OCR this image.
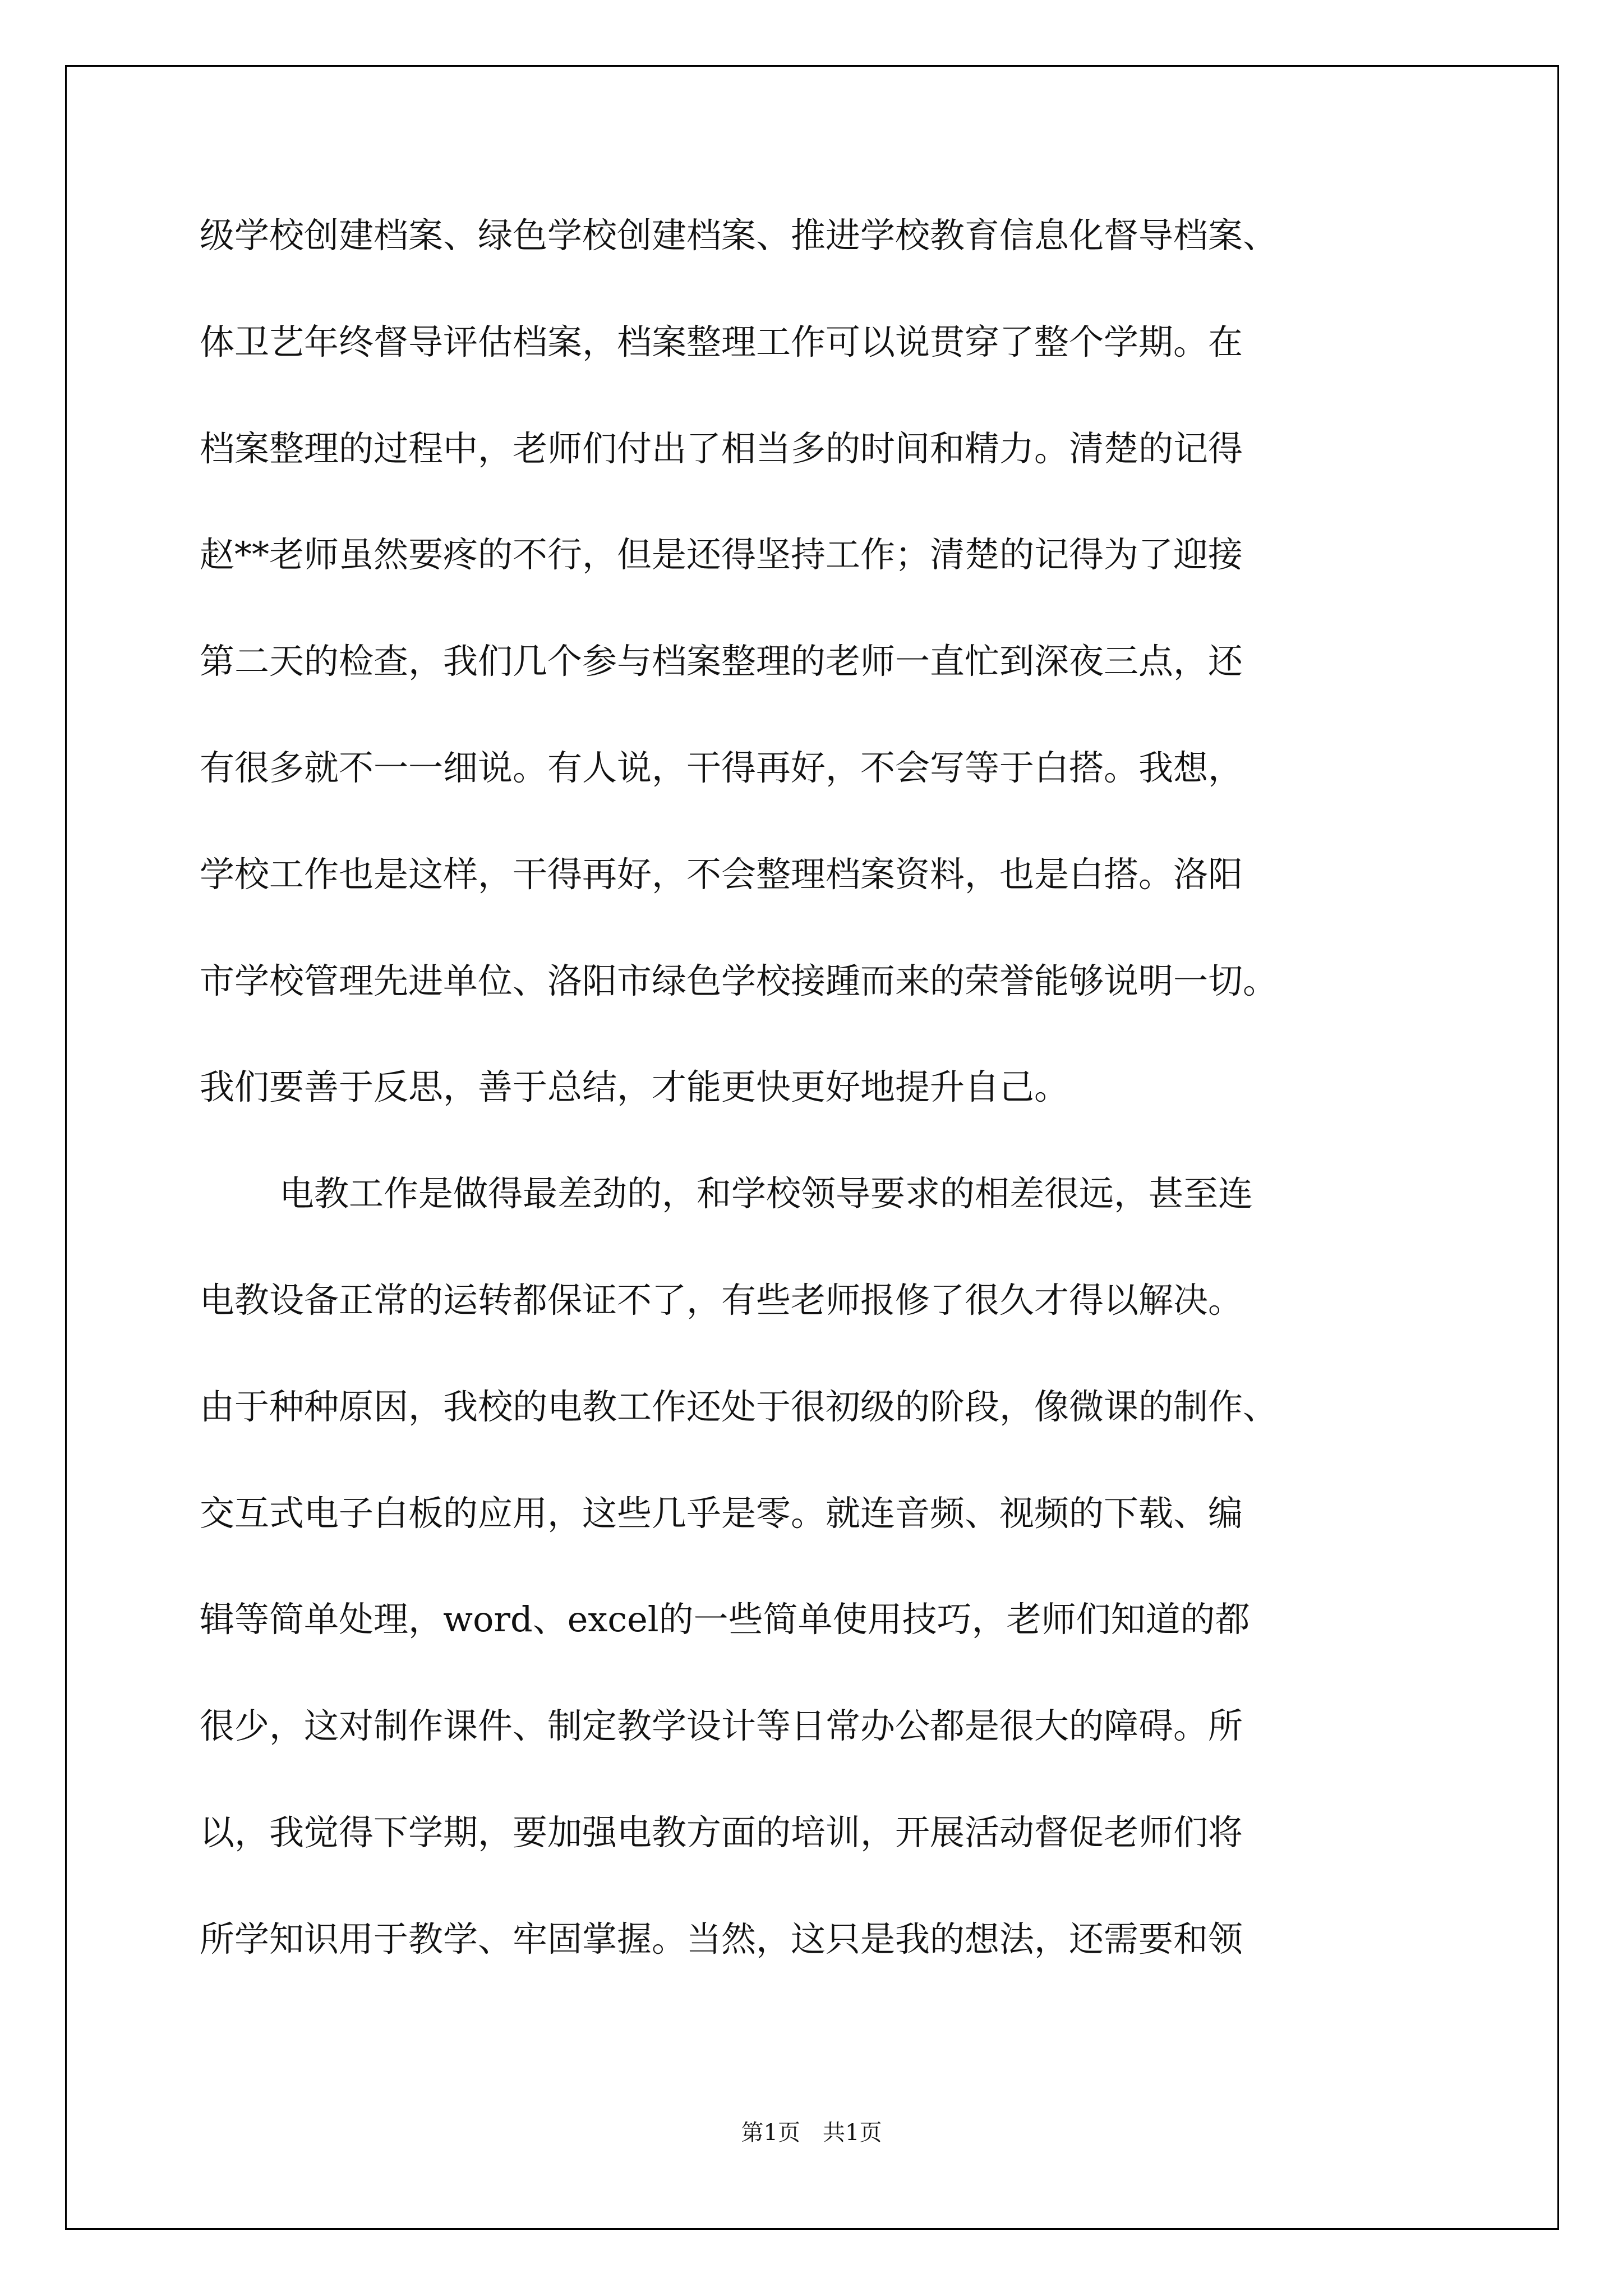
级学校创建档案、绿色学校创建档案、推进学校教育信息化督导档案、
体卫艺年终督导评估档案，档案整理工作可以说贯穿了整个学期。在
档案整理的过程中，老师们付出了相当多的时间和精力。清楚的记得
赵**老师虽然要疼的不行，但是还得坚持工作；清楚的记得为了迎接
第二天的检查，我们几个参与档案整理的老师一直忙到深夜三点，还
有很多就不一一细说。有人说，干得再好，不会写等于白搭。我想，
学校工作也是这样，干得再好，不会整理档案资料，也是白搭。洛阳
市学校管理先进单位、洛阳市绿色学校接踵而来的荣誉能够说明一切。
我们要善于反思，善于总结，才能更快更好地提升自己。
电教工作是做得最差劲的，和学校领导要求的相差很远，甚至连
电教设备正常的运转都保证不了，有些老师报修了很久才得以解决。
由于种种原因，我校的电教工作还处于很初级的阶段，像微课的制作、
交互式电子白板的应用，这些几乎是零。就连音频、视频的下载、编
辑等简单处理，word、excel的一些简单使用技巧，老师们知道的都
很少，这对制作课件、制定教学设计等日常办公都是很大的障碍。所
以，我觉得下学期，要加强电教方面的培训，开展活动督促老师们将
所学知识用于教学、牢固掌握。当然，这只是我的想法，还需要和领
第1页　共1页
